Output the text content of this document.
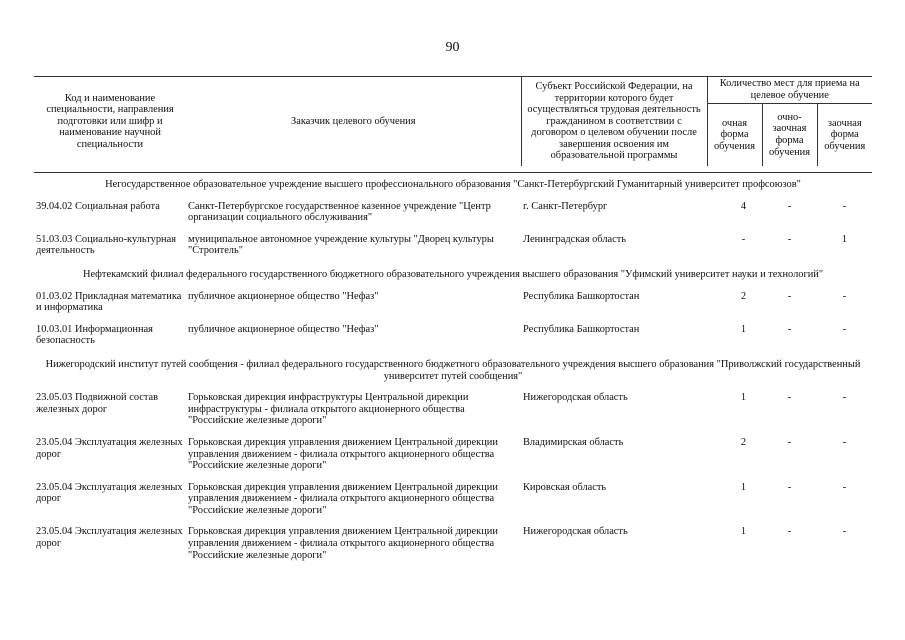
90
Код и наименование специальности, направления подготовки или шифр и наименование научной специальности	Заказчик целевого обучения	Субъект Российской Федерации, на территории которого будет осуществляться трудовая деятельность гражданином в соответствии с договором о целевом обучении после завершения освоения им образовательной программы	Количество мест для приема на целевое обучение		
			очная форма обучения	очно-заочная форма обучения	заочная форма обучения

Негосударственное образовательное учреждение высшего профессионального образования "Санкт-Петербургский Гуманитарный университет профсоюзов"					
39.04.02 Социальная работа	Санкт-Петербургское государственное казенное учреждение "Центр организации социального обслуживания"	г. Санкт-Петербург	4	-	-
51.03.03 Социально-культурная деятельность	муниципальное автономное учреждение культуры "Дворец культуры "Строитель"	Ленинградская область	-	-	1
Нефтекамский филиал федерального государственного бюджетного образовательного учреждения высшего образования "Уфимский университет науки и технологий"					
01.03.02 Прикладная математика и информатика	публичное акционерное общество "Нефаз"	Республика Башкортостан	2	-	-
10.03.01 Информационная безопасность	публичное акционерное общество "Нефаз"	Республика Башкортостан	1	-	-
Нижегородский институт путей сообщения - филиал федерального государственного бюджетного образовательного учреждения высшего образования "Приволжский государственный университет путей сообщения"					
23.05.03 Подвижной состав железных дорог	Горьковская дирекция инфраструктуры Центральной дирекции инфраструктуры - филиала открытого акционерного общества "Российские железные дороги"	Нижегородская область	1	-	-
23.05.04 Эксплуатация железных дорог	Горьковская дирекция управления движением Центральной дирекции управления движением - филиала открытого акционерного общества "Российские железные дороги"	Владимирская область	2	-	-
23.05.04 Эксплуатация железных дорог	Горьковская дирекция управления движением Центральной дирекции управления движением - филиала открытого акционерного общества "Российские железные дороги"	Кировская область	1	-	-
23.05.04 Эксплуатация железных дорог	Горьковская дирекция управления движением Центральной дирекции управления движением - филиала открытого акционерного общества "Российские железные дороги"	Нижегородская область	1	-	-
